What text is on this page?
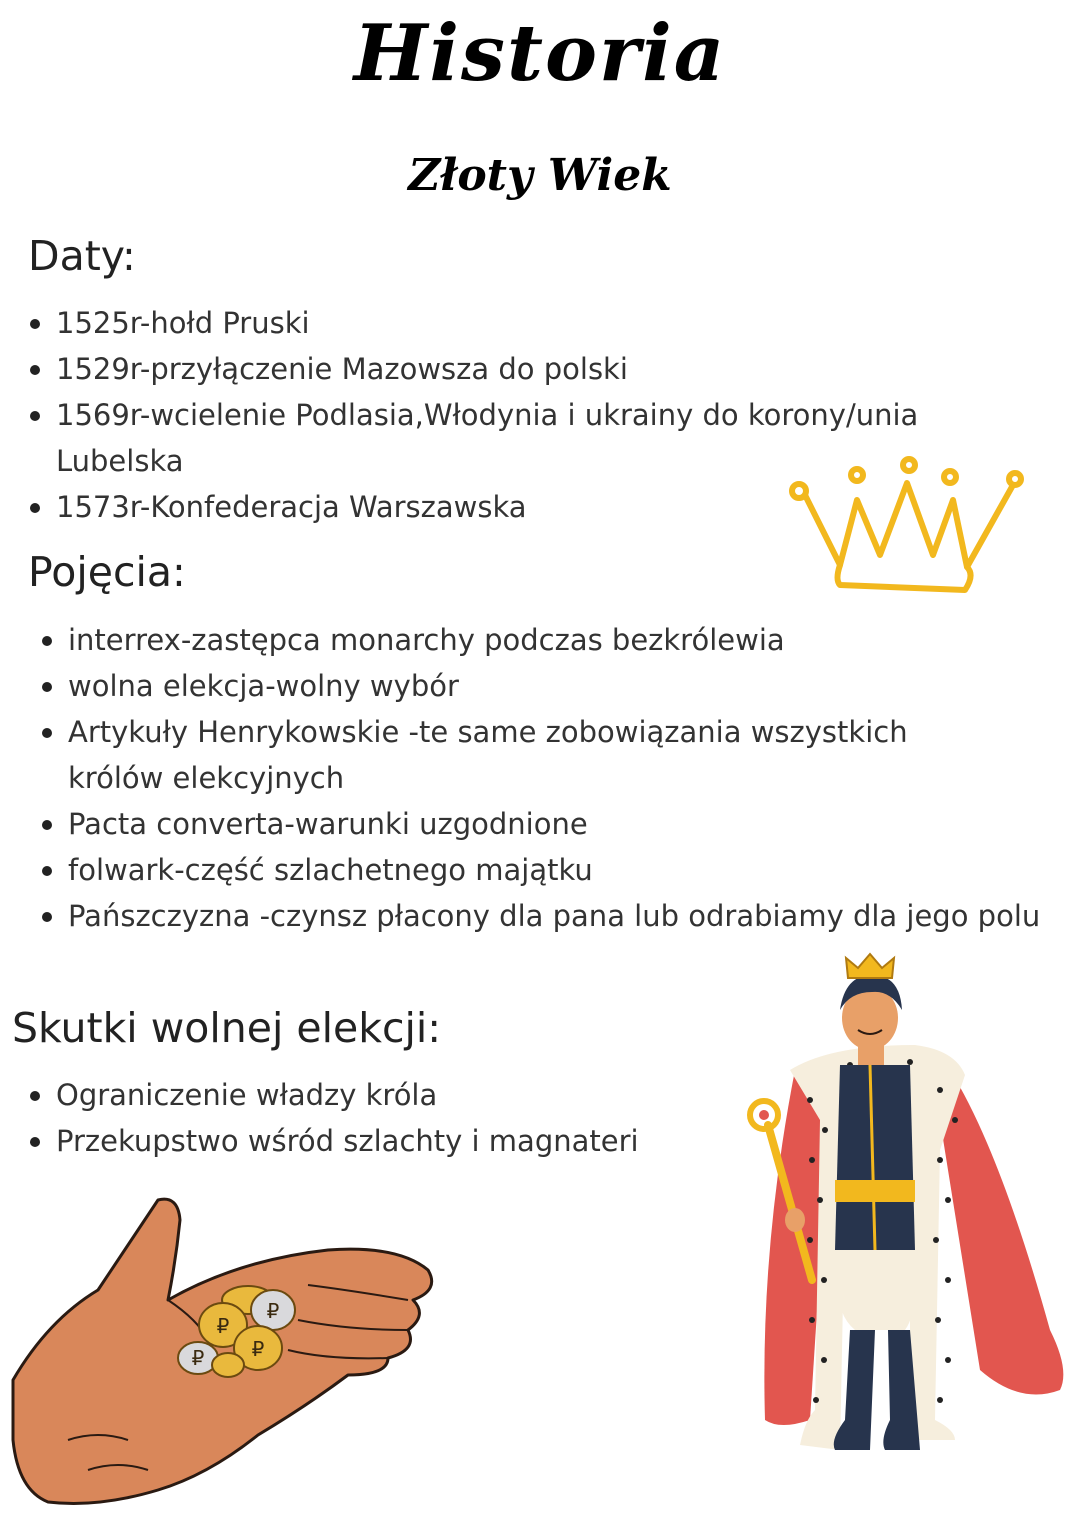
Historia
Złoty Wiek
Daty:
1525r-hołd Pruski
1529r-przyłączenie Mazowsza do polski
1569r-wcielenie Podlasia,Włodynia i ukrainy do korony/unia Lubelska
1573r-Konfederacja Warszawska
Pojęcia:
interrex-zastępca monarchy podczas bezkrólewia
wolna elekcja-wolny wybór
Artykuły Henrykowskie -te same zobowiązania wszystkich królów elekcyjnych
Pacta converta-warunki uzgodnione
folwark-część szlachetnego majątku
Pańszczyzna -czynsz płacony dla pana lub odrabiamy dla jego polu
Skutki wolnej elekcji:
Ograniczenie władzy króla
Przekupstwo wśród szlachty i magnateri
₽
₽
₽
₽
